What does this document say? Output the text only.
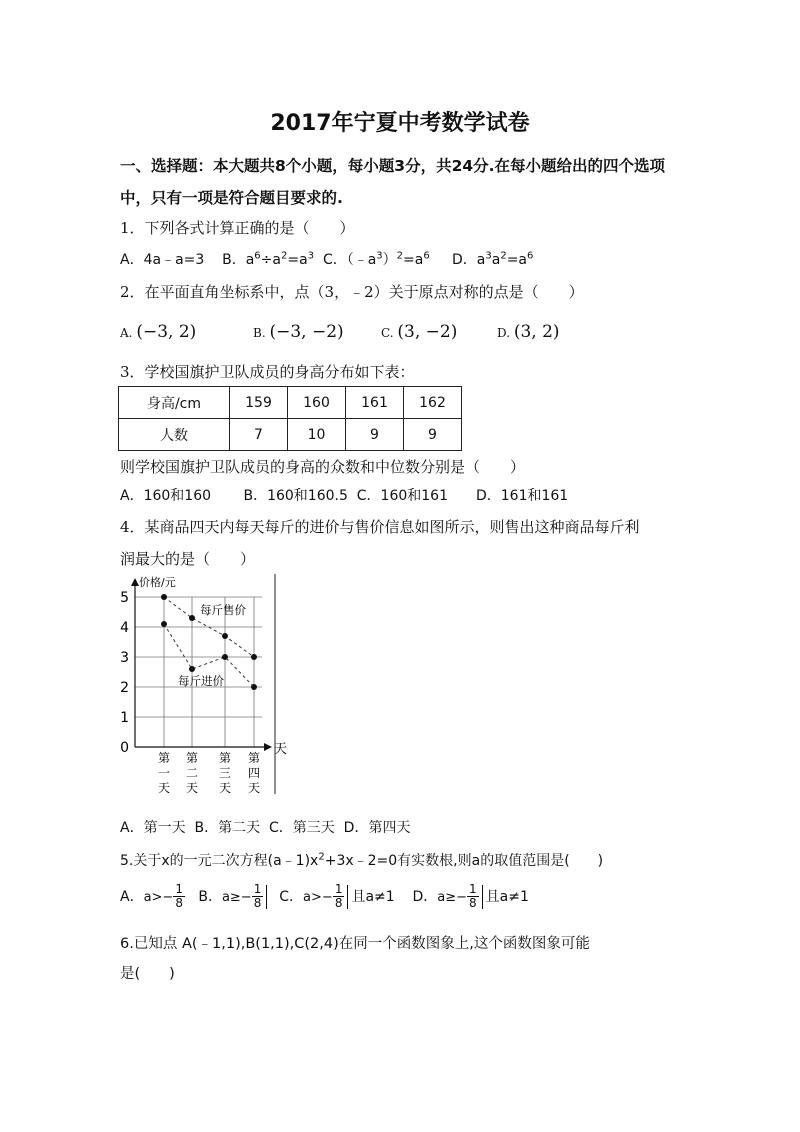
2017年宁夏中考数学试卷
一、选择题：本大题共8个小题，每小题3分，共24分.在每小题给出的四个选项
中，只有一项是符合题目要求的.
1．下列各式计算正确的是（　　）
A．4a﹣a=3 B．$a^6\div a^2=a^3$ C．$(﹣a^3)^2=a^6$ D．$a^3a^2=a^6$
2．在平面直角坐标系中，点（3，﹣2）关于原点对称的点是（　　）
A. (−3, 2)	B. (−3, −2)	C. (3, −2)	D. (3, 2)
3．学校国旗护卫队成员的身高分布如下表：
身高/cm	159	160	161	162
人数	7	10	9	9
则学校国旗护卫队成员的身高的众数和中位数分别是（　　）
A．160和160　　 B．160和160.5  C．160和161　　D．161和161
4．某商品四天内每天每斤的进价与售价信息如图所示，则售出这种商品每斤利
润最大的是（　　）
0
1
2
3
4
5
价格/元
天
第一天
第二天
第三天
第四天
每斤售价
每斤进价
A．第一天  B．第二天  C．第三天  D．第四天
5.关于x的一元二次方程$(a﹣1)x^2+3x﹣2=0$有实数根,则a的取值范围是(　　)
A．$a>- \frac{1}{8}$ B．$a\ge- \frac{1}{8}$ C．$a>- \frac{1}{8}$ 且a≠1 D．$a\ge- \frac{1}{8}$ 且a≠1
6.已知点 A(﹣1,1),B(1,1),C(2,4)在同一个函数图象上,这个函数图象可能
是(　　)
